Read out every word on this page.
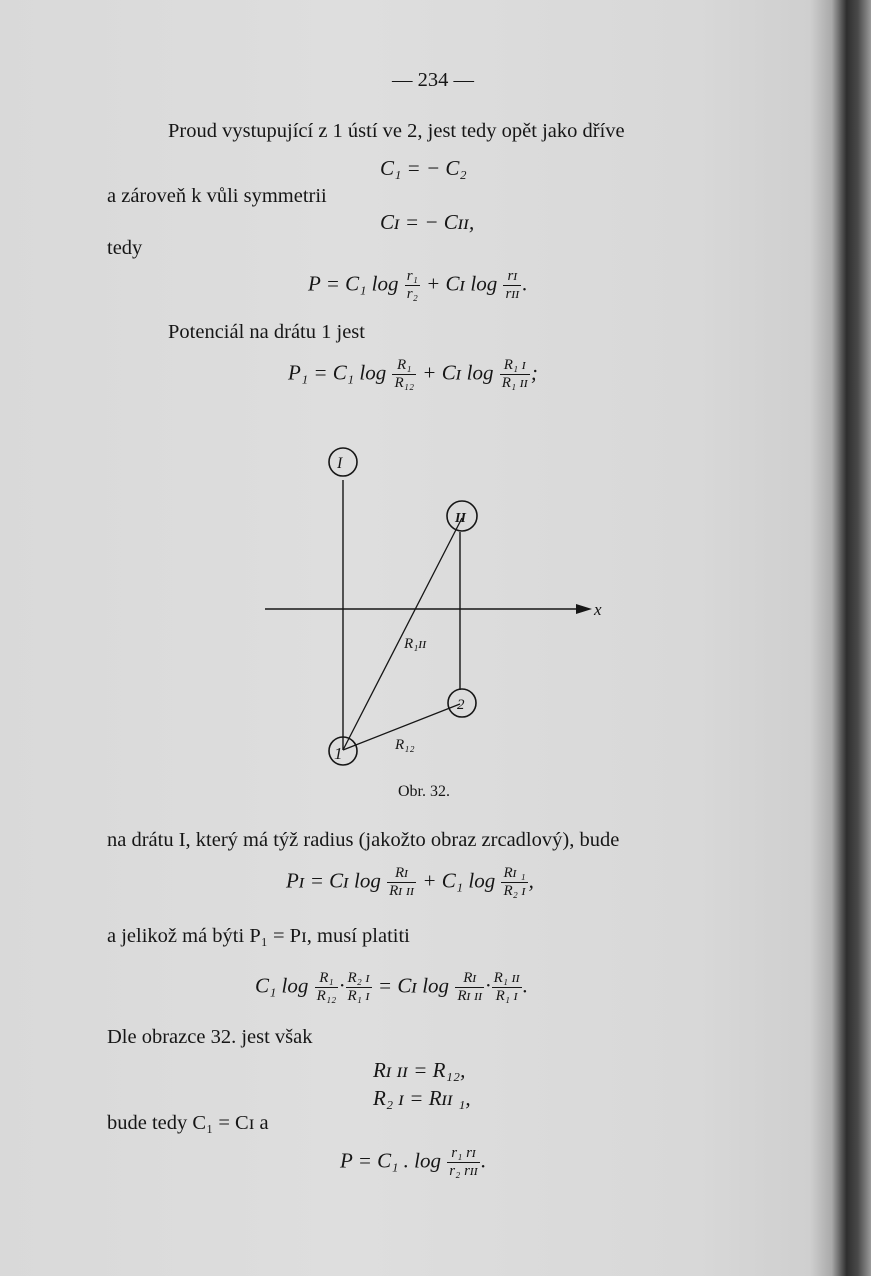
— 234 —
Proud vystupující z 1 ústí ve 2, jest tedy opět jako dříve
C₁ = − C₂
a zároveň k vůli symmetrii
Cɪ = − Cɪɪ,
tedy
P = C₁ $\log \frac{\text{r₁}}{\text{r₂}}$ + Cɪ $\log \frac{\text{rɪ}}{\text{rɪɪ}}$ .
Potenciál na drátu 1 jest
P₁ = C₁ $\log \frac{\text{R₁}}{\text{R₁₂}}$ + Cɪ $\log \frac{\text{R₁ ɪ}}{\text{R₁ ɪɪ}}$ ;
I
II
2
1
x
R₁ɪɪ
R₁₂
Obr. 32.
na drátu I, který má týž radius (jakožto obraz zrcadlový), bude
Pɪ = Cɪ $\log \frac{\text{Rɪ}}{\text{Rɪ ɪɪ}} + C_1$ $\log \frac{\text{Rɪ ₁}}{\text{R₂ ɪ}}$ ,
a jelikož má býti P₁ = Pɪ, musí platiti
C₁ $\log \frac{\text{R₁}}{\text{R₁₂}} \cdot \frac{\text{R₂ ɪ}}{\text{R₁ ɪ}}$ = Cɪ $\log \frac{\text{Rɪ}}{\text{Rɪ ɪɪ}} \cdot \frac{\text{R₁ ɪɪ}}{\text{R₁ ɪ}}$ .
Dle obrazce 32. jest však
Rɪ ɪɪ = R₁₂,
R₂ ɪ = Rɪɪ ₁,
bude tedy C₁ = Cɪ a
P = C₁ . $\log \frac{\text{r₁ rɪ}}{\text{r₂ rɪɪ}}$ .
